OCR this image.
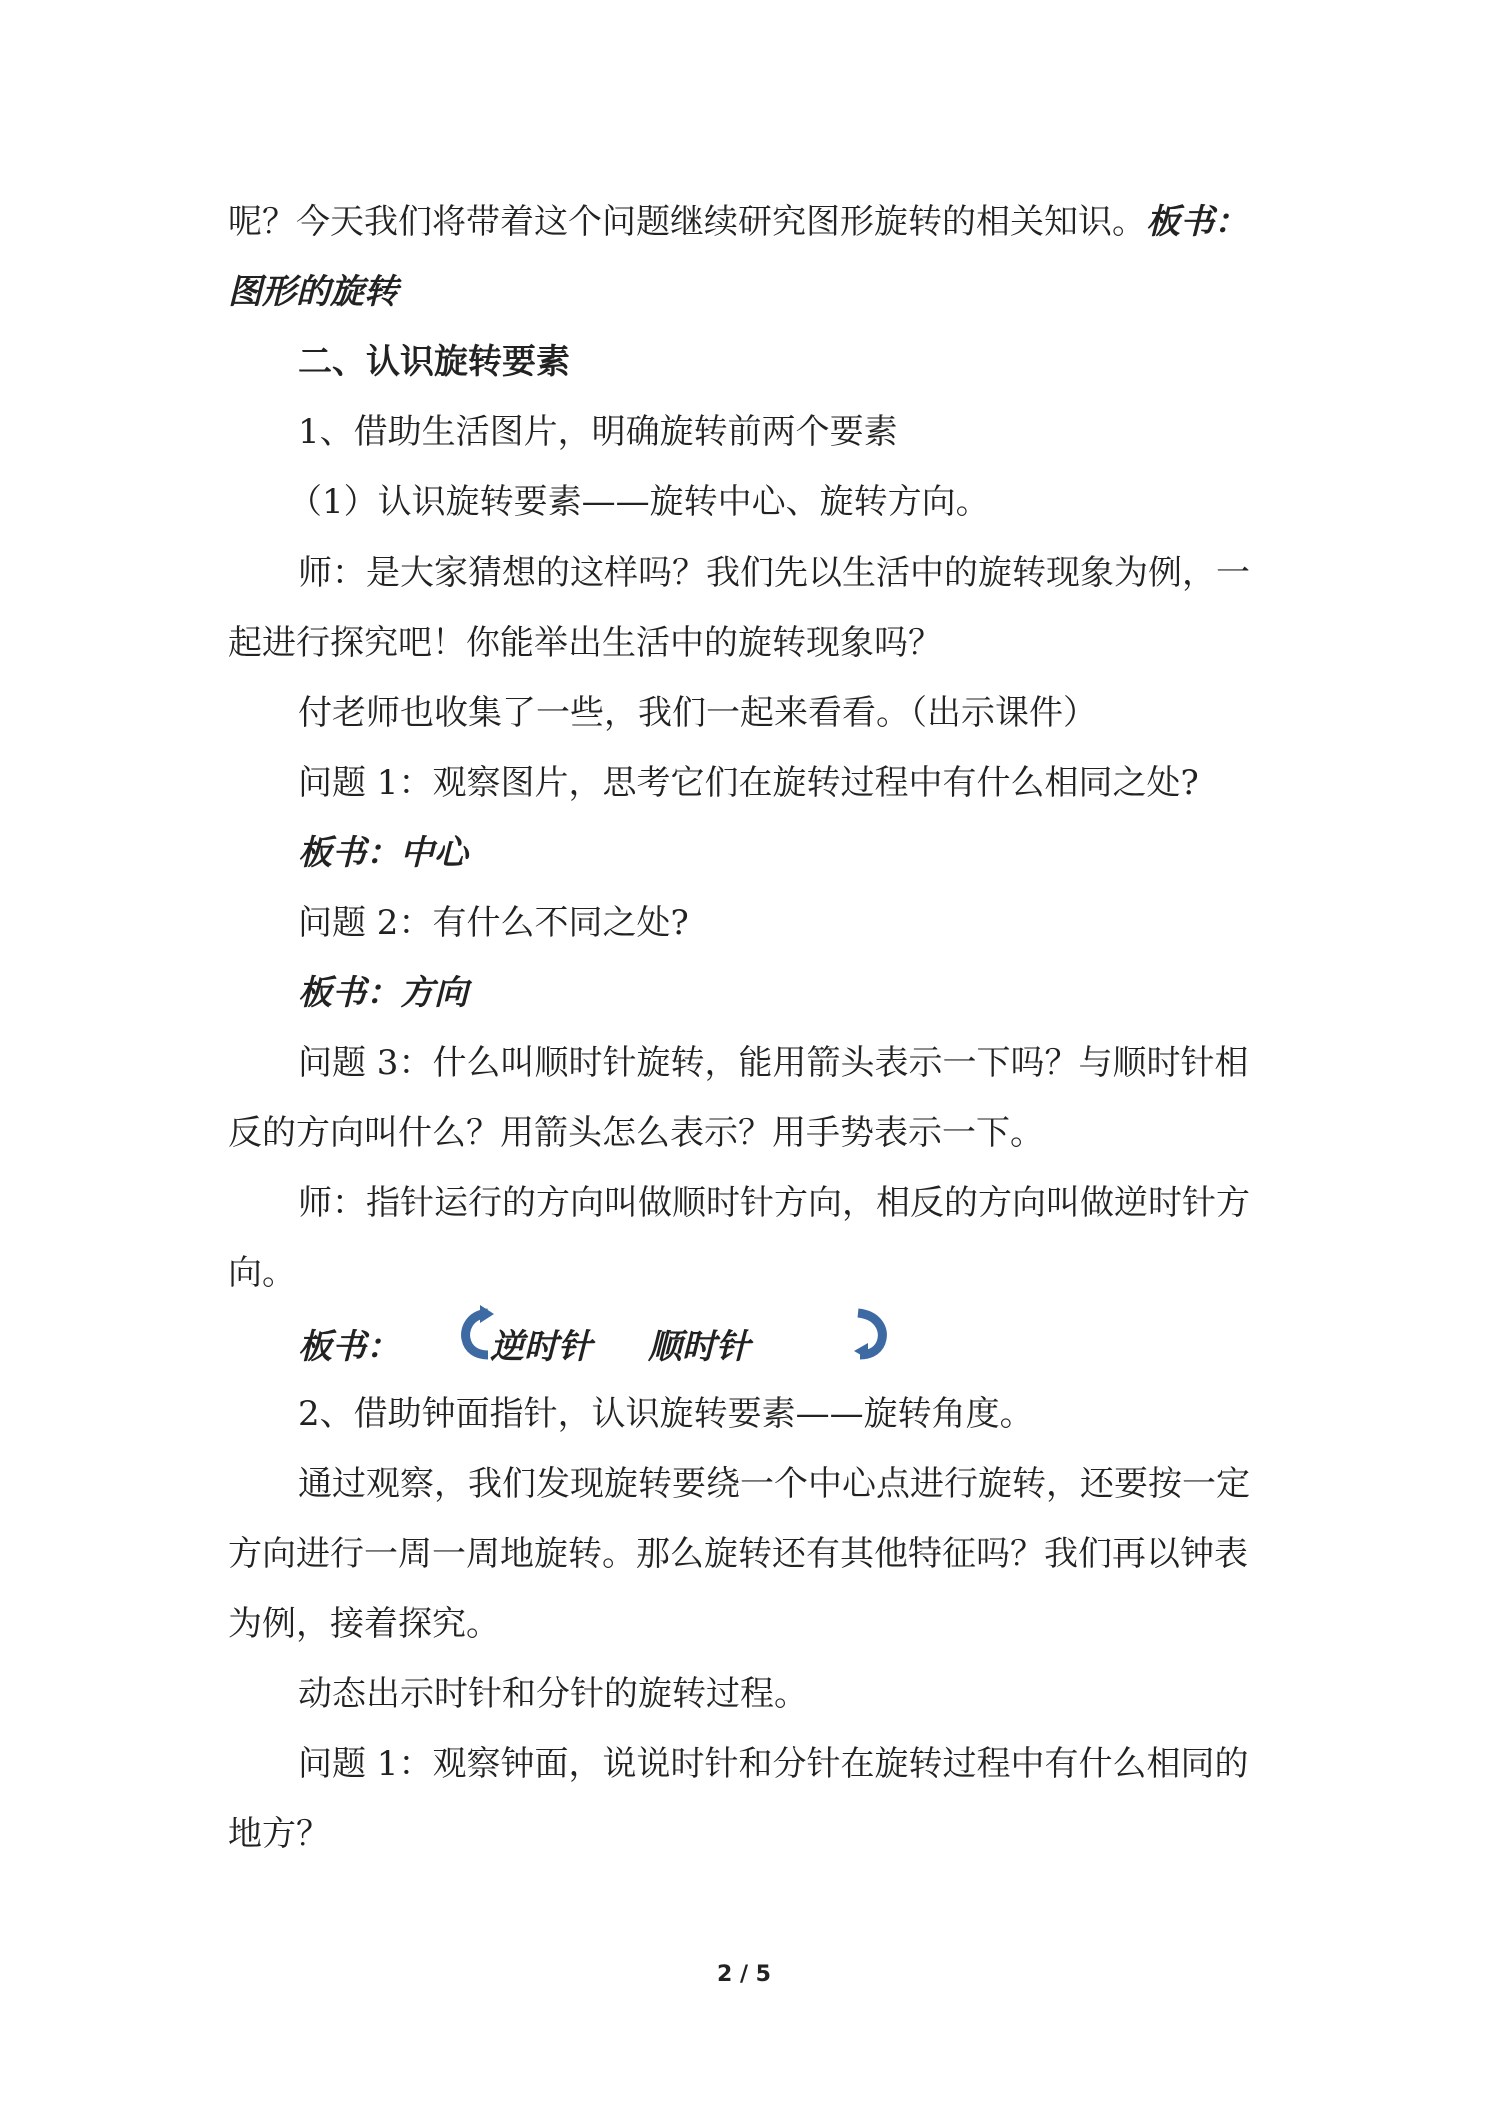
呢？今天我们将带着这个问题继续研究图形旋转的相关知识。板书：
图形的旋转
二、认识旋转要素
1、借助生活图片，明确旋转前两个要素
（1）认识旋转要素——旋转中心、旋转方向。
师：是大家猜想的这样吗？我们先以生活中的旋转现象为例，一
起进行探究吧！你能举出生活中的旋转现象吗？
付老师也收集了一些，我们一起来看看。（出示课件）
问题 1：观察图片，思考它们在旋转过程中有什么相同之处?
板书：中心
问题 2：有什么不同之处?
板书：方向
问题 3：什么叫顺时针旋转，能用箭头表示一下吗？与顺时针相
反的方向叫什么？用箭头怎么表示？用手势表示一下。
师：指针运行的方向叫做顺时针方向，相反的方向叫做逆时针方
向。
板书：	逆时针 顺时针
2、借助钟面指针，认识旋转要素——旋转角度。
通过观察，我们发现旋转要绕一个中心点进行旋转，还要按一定
方向进行一周一周地旋转。那么旋转还有其他特征吗？我们再以钟表
为例，接着探究。
动态出示时针和分针的旋转过程。
问题 1：观察钟面，说说时针和分针在旋转过程中有什么相同的
地方？
2 / 5
